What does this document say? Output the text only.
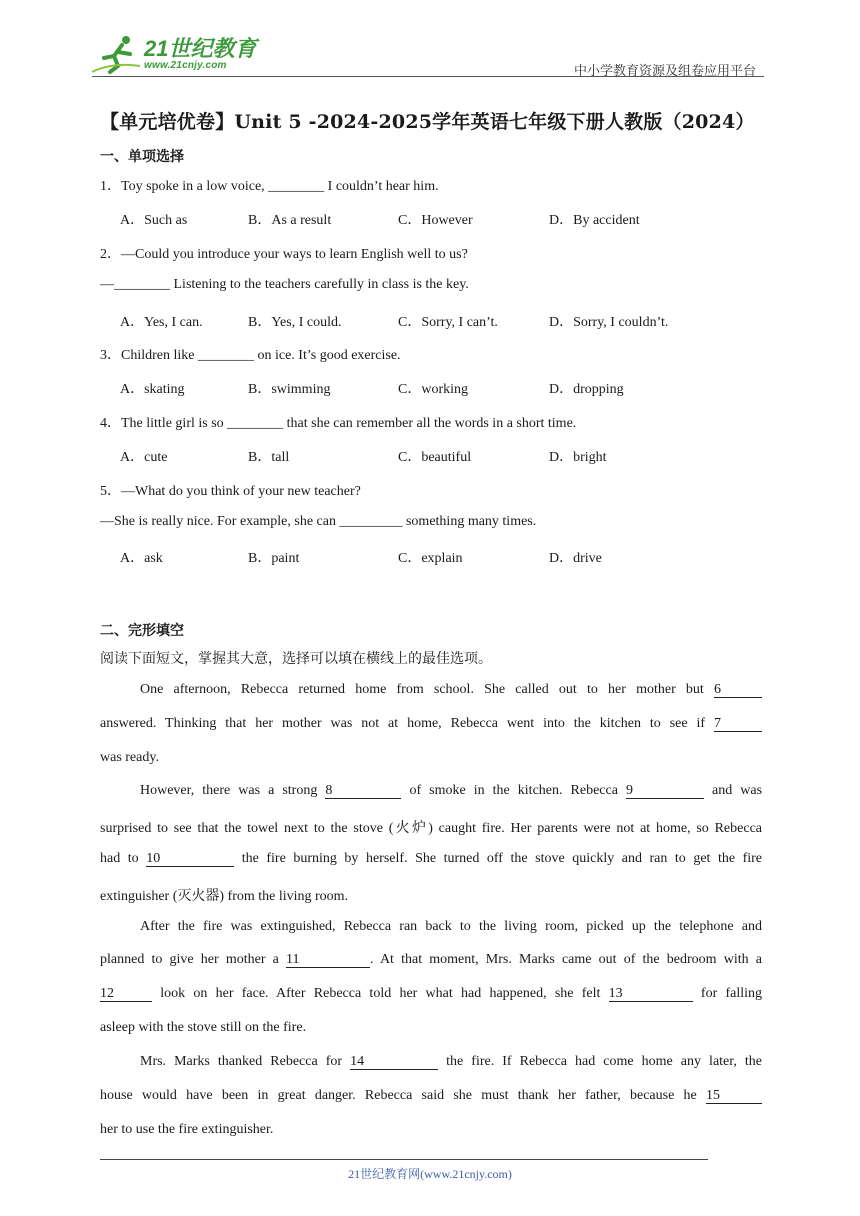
21世纪教育
www.21cnjy.com	中小学教育资源及组卷应用平台
【单元培优卷】Unit 5 -2024-2025学年英语七年级下册人教版（2024）
一、单项选择
1．Toy spoke in a low voice, ________ I couldn’t hear him.
A．Such as	B．As a result	C．However	D．By accident
2．—Could you introduce your ways to learn English well to us?
—________ Listening to the teachers carefully in class is the key.
A．Yes, I can.	B．Yes, I could.	C．Sorry, I can’t.	D．Sorry, I couldn’t.
3．Children like ________ on ice. It’s good exercise.
A．skating	B．swimming	C．working	D．dropping
4．The little girl is so ________ that she can remember all the words in a short time.
A．cute	B．tall	C．beautiful	D．bright
5．—What do you think of your new teacher?
—She is really nice. For example, she can _________ something many times.
A．ask	B．paint	C．explain	D．drive
二、完形填空
阅读下面短文，掌握其大意，选择可以填在横线上的最佳选项。
One afternoon, Rebecca returned home from school. She called out to her mother but 6
answered. Thinking that her mother was not at home, Rebecca went into the kitchen to see if 7
was ready.
However, there was a strong 8	of smoke in the kitchen. Rebecca 9	and was
surprised to see that the towel next to the stove (火炉) caught fire. Her parents were not at home, so Rebecca
had to 10	the fire burning by herself. She turned off the stove quickly and ran to get the fire
extinguisher (灭火器) from the living room.
After the fire was extinguished, Rebecca ran back to the living room, picked up the telephone and
planned to give her mother a 11	. At that moment, Mrs. Marks came out of the bedroom with a
12	look on her face. After Rebecca told her what had happened, she felt 13	for falling
asleep with the stove still on the fire.
Mrs. Marks thanked Rebecca for 14	the fire. If Rebecca had come home any later, the
house would have been in great danger. Rebecca said she must thank her father, because he 15
her to use the fire extinguisher.
21世纪教育网(www.21cnjy.com)
